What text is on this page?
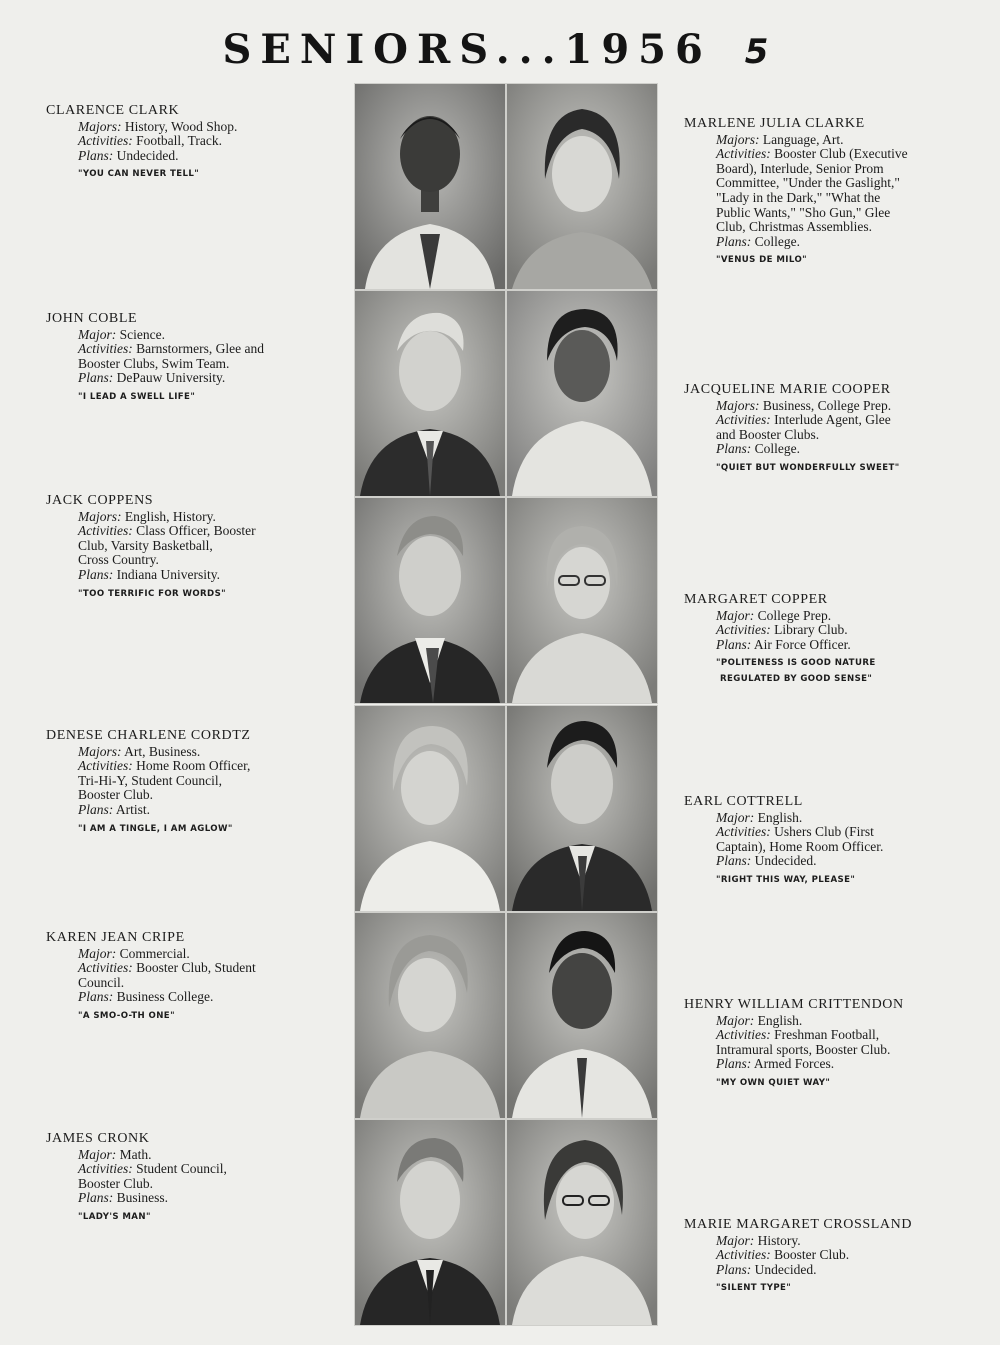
SENIORS...1956 5
CLARENCE CLARK
Majors: History, Wood Shop.
Activities: Football, Track.
Plans: Undecided.
"YOU CAN NEVER TELL"
JOHN COBLE
Major: Science.
Activities: Barnstormers, Glee and
Booster Clubs, Swim Team.
Plans: DePauw University.
"I LEAD A SWELL LIFE"
JACK COPPENS
Majors: English, History.
Activities: Class Officer, Booster
Club, Varsity Basketball,
Cross Country.
Plans: Indiana University.
"TOO TERRIFIC FOR WORDS"
DENESE CHARLENE CORDTZ
Majors: Art, Business.
Activities: Home Room Officer,
Tri-Hi-Y, Student Council,
Booster Club.
Plans: Artist.
"I AM A TINGLE, I AM AGLOW"
KAREN JEAN CRIPE
Major: Commercial.
Activities: Booster Club, Student
Council.
Plans: Business College.
"A SMO-O-TH ONE"
JAMES CRONK
Major: Math.
Activities: Student Council,
Booster Club.
Plans: Business.
"LADY'S MAN"
MARLENE JULIA CLARKE
Majors: Language, Art.
Activities: Booster Club (Executive
Board), Interlude, Senior Prom
Committee, "Under the Gaslight,"
"Lady in the Dark," "What the
Public Wants," "Sho Gun," Glee
Club, Christmas Assemblies.
Plans: College.
"VENUS DE MILO"
JACQUELINE MARIE COOPER
Majors: Business, College Prep.
Activities: Interlude Agent, Glee
and Booster Clubs.
Plans: College.
"QUIET BUT WONDERFULLY SWEET"
MARGARET COPPER
Major: College Prep.
Activities: Library Club.
Plans: Air Force Officer.
"POLITENESS IS GOOD NATURE
REGULATED BY GOOD SENSE"
EARL COTTRELL
Major: English.
Activities: Ushers Club (First
Captain), Home Room Officer.
Plans: Undecided.
"RIGHT THIS WAY, PLEASE"
HENRY WILLIAM CRITTENDON
Major: English.
Activities: Freshman Football,
Intramural sports, Booster Club.
Plans: Armed Forces.
"MY OWN QUIET WAY"
MARIE MARGARET CROSSLAND
Major: History.
Activities: Booster Club.
Plans: Undecided.
"SILENT TYPE"
